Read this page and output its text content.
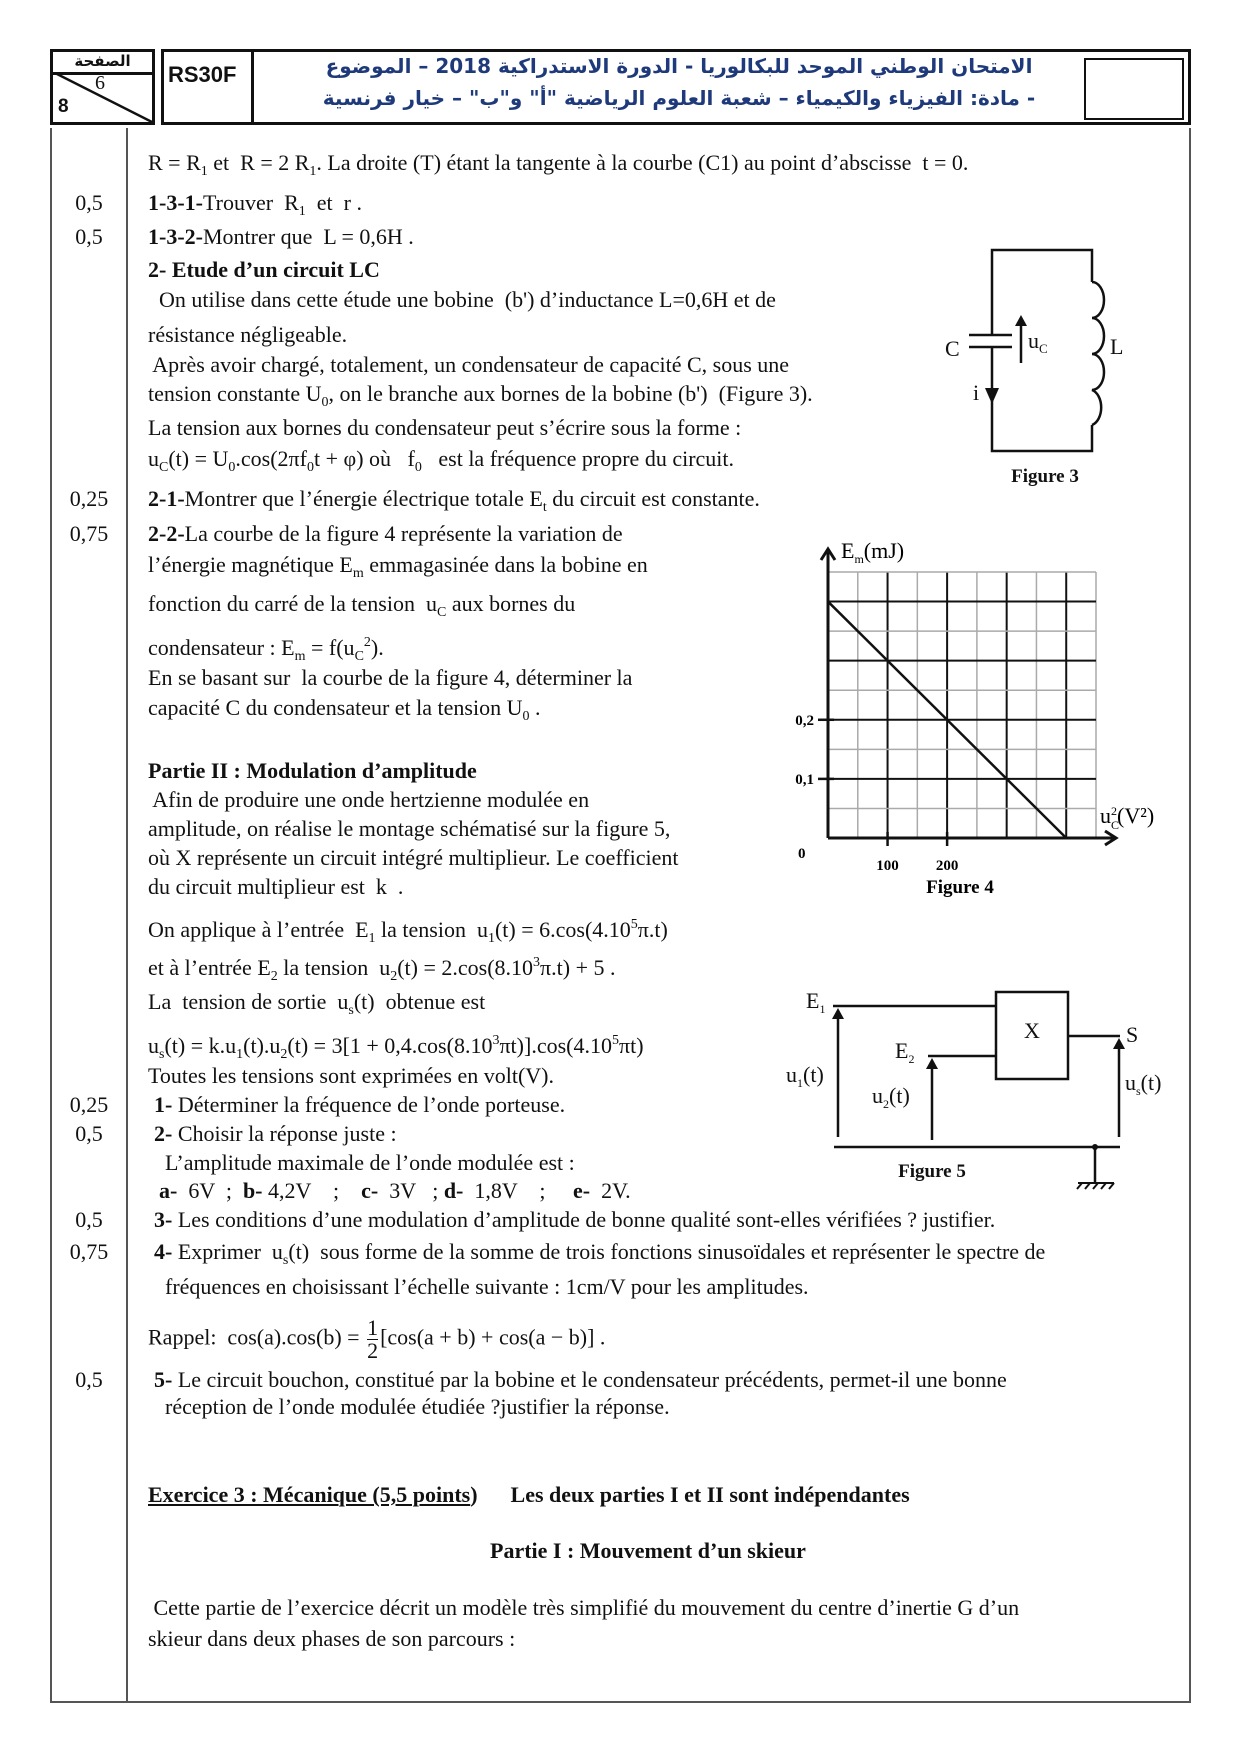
الصفحة
6
8
RS30F	الامتحان الوطني الموحد للبكالوريا - الدورة الاستدراكية 2018 – الموضوع
- مادة: الفيزياء والكيمياء – شعبة العلوم الرياضية "أ" و"ب" – خيار فرنسية
$R = R_1$ et  R = 2 $R_1$. La droite (T) étant la tangente à la courbe (C1) au point d’abscisse  t = 0.
1-3-1-Trouver  $R_1$  et  r .
0,5
1-3-2-Montrer que  L = 0,6H .
0,5
2- Etude d’un circuit LC
On utilise dans cette étude une bobine  (b') d’inductance L=0,6H et de
résistance négligeable.
Après avoir chargé, totalement, un condensateur de capacité C, sous une
tension constante $U_0$, on le branche aux bornes de la bobine (b')  (Figure 3).
La tension aux bornes du condensateur peut s’écrire sous la forme :
$u_C(t) = U_0.\cos(2\pi f_0t + \varphi)$ où   $f_0$   est la fréquence propre du circuit.
2-1-Montrer que l’énergie électrique totale $E_t$ du circuit est constante.
0,25
2-2-La courbe de la figure 4 représente la variation de
0,75
l’énergie magnétique $E_m$ emmagasinée dans la bobine en
fonction du carré de la tension  $u_C$ aux bornes du
condensateur : $E_m = f(u_C^2)$.
En se basant sur  la courbe de la figure 4, déterminer la
capacité C du condensateur et la tension $U_0$ .
Partie II : Modulation d’amplitude
Afin de produire une onde hertzienne modulée en
amplitude, on réalise le montage schématisé sur la figure 5,
où X représente un circuit intégré multiplieur. Le coefficient
du circuit multiplieur est  k  .
On applique à l’entrée  $E_1$ la tension  $u_1(t) = 6.\cos(4.10^5\pi.t)$
et à l’entrée $E_2$ la tension  $u_2(t) = 2.\cos(8.10^3\pi.t) + 5$ .
La  tension de sortie  $u_s(t)$  obtenue est
$u_s(t) = k.u_1(t).u_2(t) = 3[1 + 0,4.\cos(8.10^3\pi t)].\cos(4.10^5\pi t)$
Toutes les tensions sont exprimées en volt(V).
1- Déterminer la fréquence de l’onde porteuse.
0,25
2- Choisir la réponse juste :
0,5
L’amplitude maximale de l’onde modulée est :
a-  6V  ;  b- 4,2V    ;    c-  3V   ; d-  1,8V    ;     e-  2V.
3- Les conditions d’une modulation d’amplitude de bonne qualité sont-elles vérifiées ? justifier.
0,5
4- Exprimer  $u_s(t)$  sous forme de la somme de trois fonctions sinusoïdales et représenter le spectre de
0,75
fréquences en choisissant l’échelle suivante : 1cm/V pour les amplitudes.
Rappel:  $\cos(a).\cos(b) = \frac{1}{2} [\cos(a + b) + \cos(a - b)]$ .
5- Le circuit bouchon, constitué par la bobine et le condensateur précédents, permet-il une bonne
0,5
réception de l’onde modulée étudiée ?justifier la réponse.
Exercice 3 : Mécanique (5,5 points)      Les deux parties I et II sont indépendantes
Partie I : Mouvement d’un skieur
Cette partie de l’exercice décrit un modèle très simplifié du mouvement du centre d’inertie G d’un
skieur dans deux phases de son parcours :
C	L
i
$u_C$
Figure 3
100 200
0,1
0,2
0
$E_m(mJ)$
$u_C2(V^2)$
Figure 4
$E_1$
$E_2$
X	S
$u_1(t)$
$u_2(t)$
$u_s(t)$
Figure 5
